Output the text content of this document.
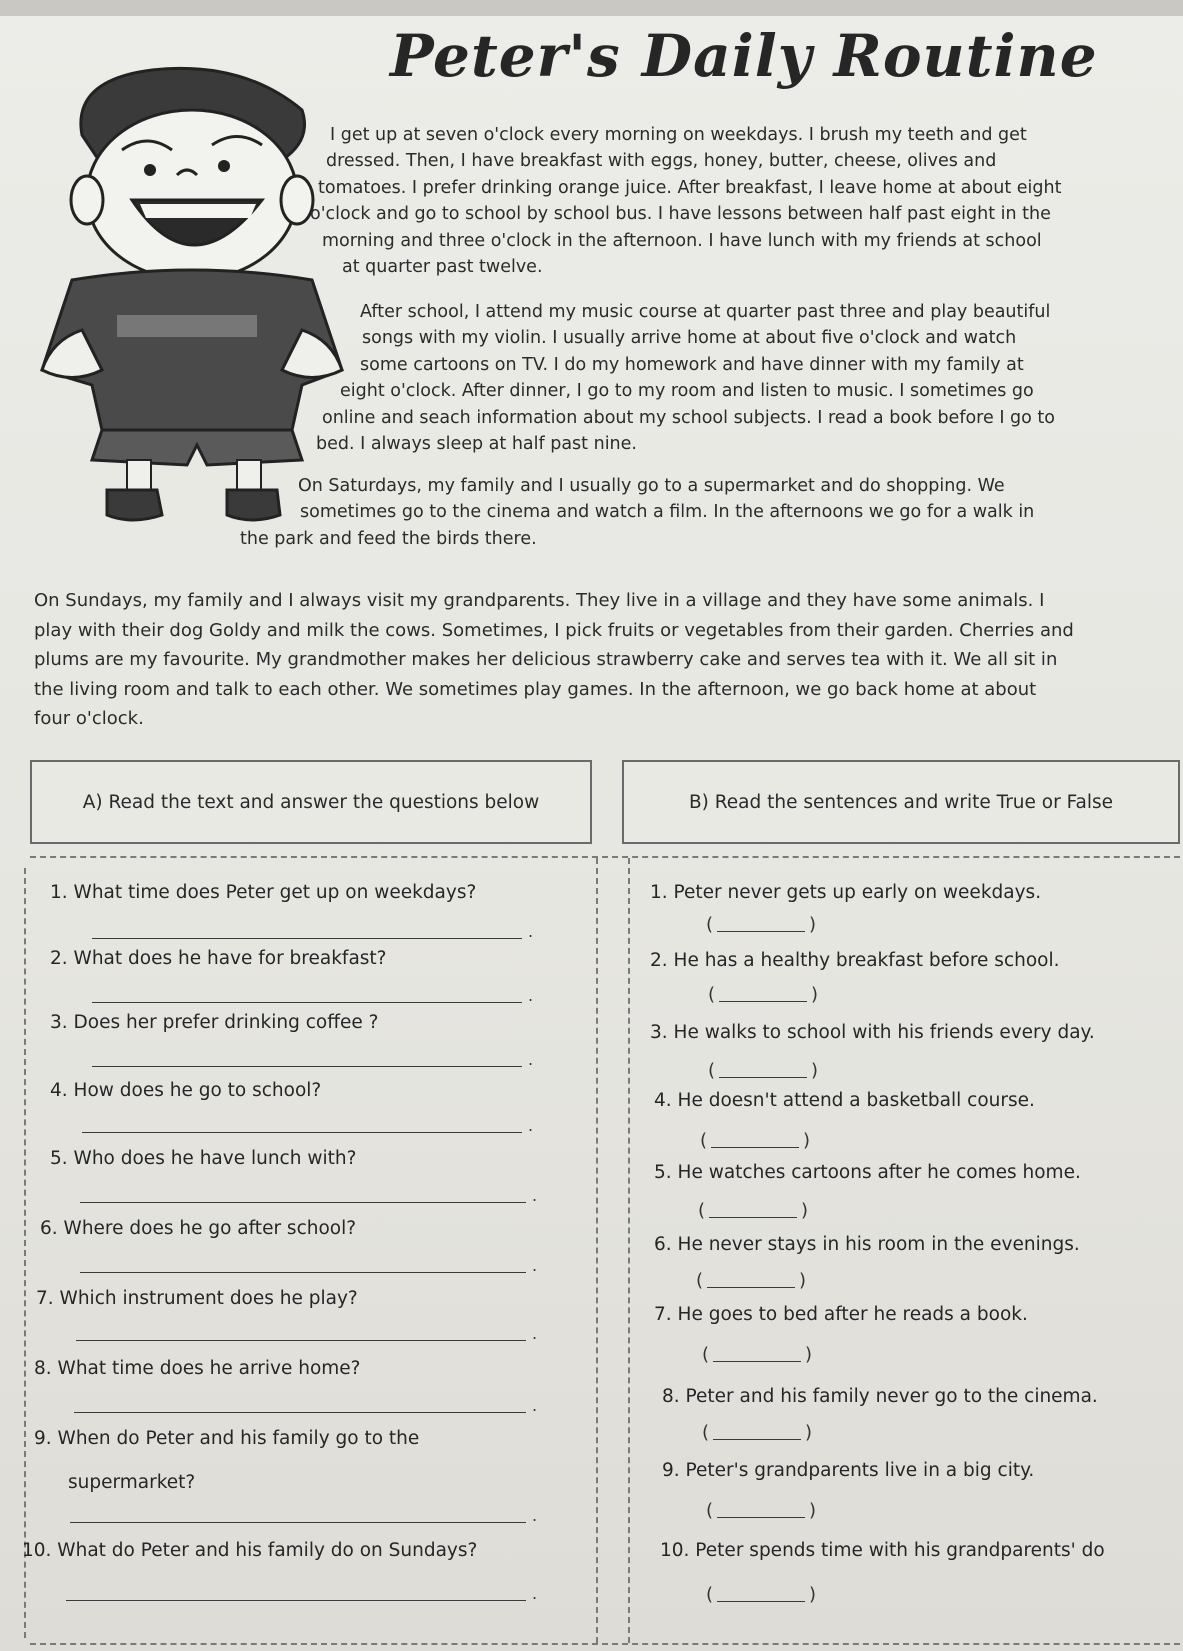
Peter's Daily Routine

I get up at seven o'clock every morning on weekdays. I brush my teeth and get
dressed. Then, I have breakfast with eggs, honey, butter, cheese, olives and
tomatoes. I prefer drinking orange juice. After breakfast, I leave home at about eight
o'clock and go to school by school bus. I have lessons between half past eight in the
morning and three o'clock in the afternoon. I have lunch with my friends at school
at quarter past twelve.

After school, I attend my music course at quarter past three and play beautiful
songs with my violin. I usually arrive home at about five o'clock and watch
some cartoons on TV. I do my homework and have dinner with my family at
eight o'clock. After dinner, I go to my room and listen to music. I sometimes go
online and seach information about my school subjects. I read a book before I go to
bed. I always sleep at half past nine.

On Saturdays, my family and I usually go to a supermarket and do shopping. We
sometimes go to the cinema and watch a film. In the afternoons we go for a walk in
the park and feed the birds there.

On Sundays, my family and I always visit my grandparents. They live in a village and they have some animals. I
play with their dog Goldy and milk the cows. Sometimes, I pick fruits or vegetables from their garden. Cherries and
plums are my favourite. My grandmother makes her delicious strawberry cake and serves tea with it. We all sit in
the living room and talk to each other. We sometimes play games. In the afternoon, we go back home at about
four o'clock.

A) Read the text and answer the questions below	B) Read the sentences and write True or False

1. What time does Peter get up on weekdays?

.

2. What does he have for breakfast?

.

3. Does her prefer drinking coffee ?

.

4. How does he go to school?

.

5. Who does he have lunch with?

.

6. Where does he go after school?

.

7. Which instrument does he play?

.

8. What time does he arrive home?

.

9. When do Peter and his family go to the

supermarket?

.

10. What do Peter and his family do on Sundays?

.

1. Peter never gets up early on weekdays.

(	)

2. He has a healthy breakfast before school.

(	)

3. He walks to school with his friends every day.

(	)

4. He doesn't attend a basketball course.

(	)

5. He watches cartoons after he comes home.

(	)

6. He never stays in his room in the evenings.

(	)

7. He goes to bed after he reads a book.

(	)

8. Peter and his family never go to the cinema.

(	)

9. Peter's grandparents live in a big city.

(	)

10. Peter spends time with his grandparents' do

(	)
